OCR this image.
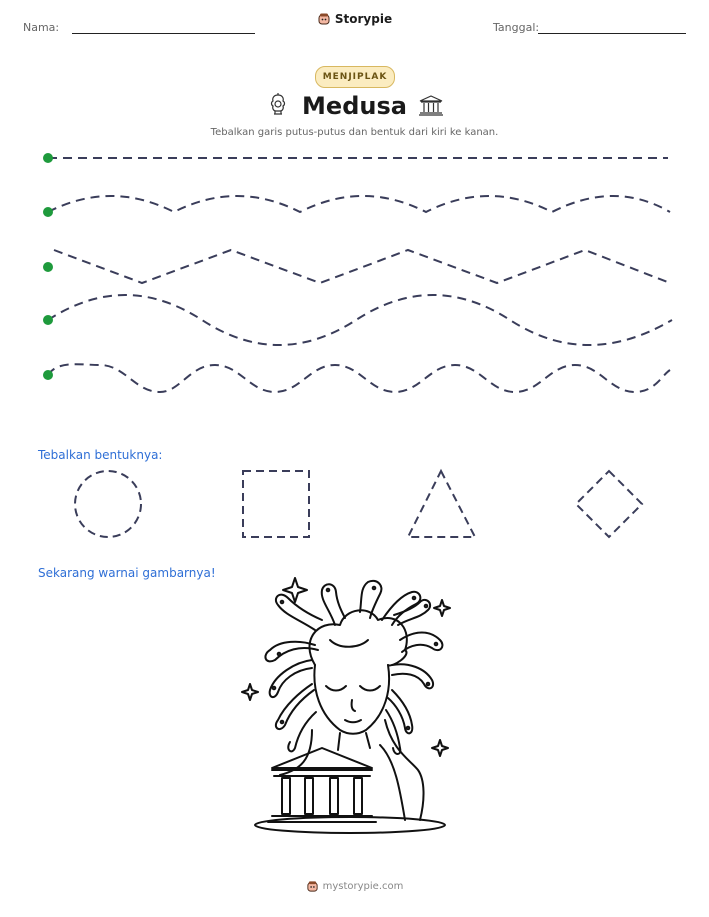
Nama:
Storypie
Tanggal:
MENJIPLAK
Medusa
Tebalkan garis putus-putus dan bentuk dari kiri ke kanan.
Tebalkan bentuknya:
Sekarang warnai gambarnya!
mystorypie.com
